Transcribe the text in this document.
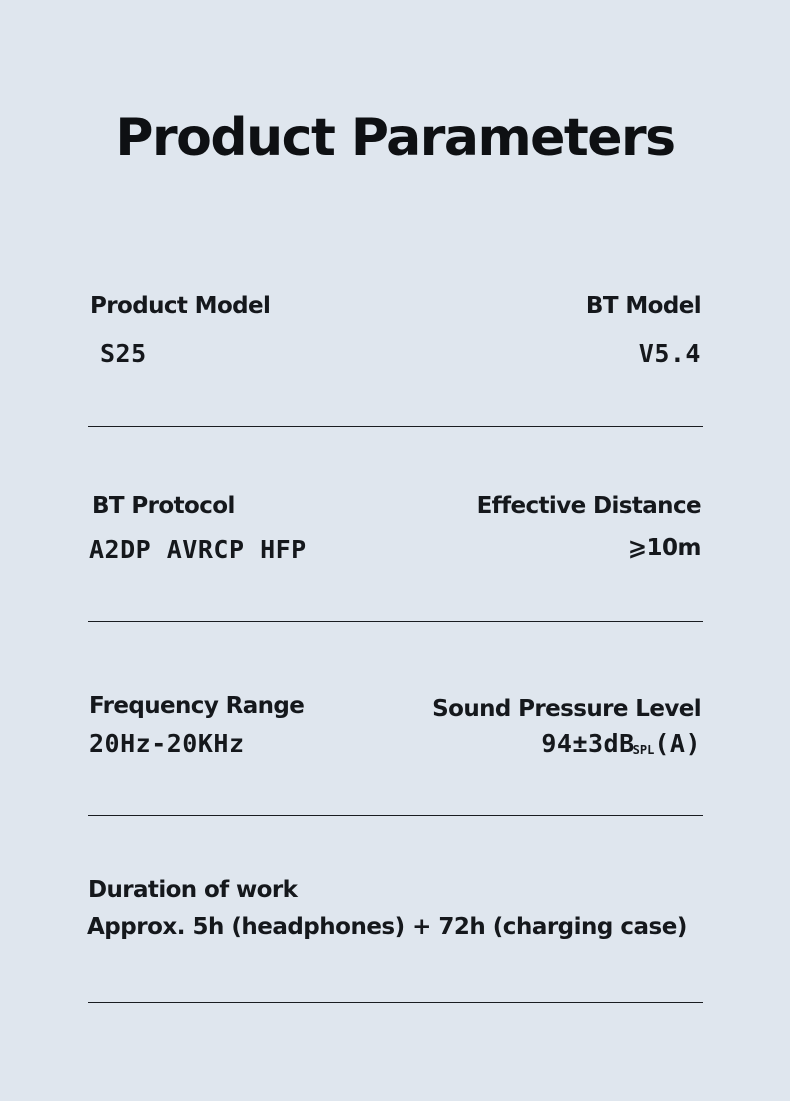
Product Parameters
Product Model
S25
BT Model
V5.4
BT Protocol
A2DP AVRCP HFP
Effective Distance
⩾10m
Frequency Range
20Hz-20KHz
Sound Pressure Level
94±3dBSPL(A)
Duration of work
Approx. 5h (headphones) + 72h (charging case)
